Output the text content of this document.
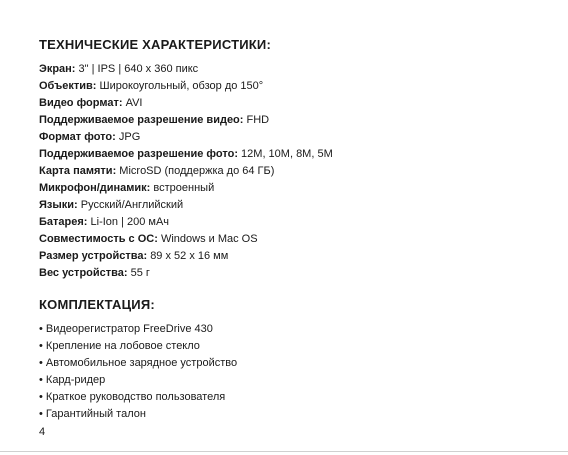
ТЕХНИЧЕСКИЕ ХАРАКТЕРИСТИКИ:
Экран: 3" | IPS | 640 x 360 пикс
Объектив: Широкоугольный, обзор до 150°
Видео формат: AVI
Поддерживаемое разрешение видео: FHD
Формат фото: JPG
Поддерживаемое разрешение фото: 12M, 10M, 8M, 5M
Карта памяти: MicroSD (поддержка до 64 ГБ)
Микрофон/динамик: встроенный
Языки: Русский/Английский
Батарея: Li-Ion | 200 мАч
Совместимость с ОС: Windows и Mac OS
Размер устройства: 89 x 52 x 16 мм
Вес устройства: 55 г
КОМПЛЕКТАЦИЯ:
• Видеорегистратор FreeDrive 430
• Крепление на лобовое стекло
• Автомобильное зарядное устройство
• Кард-ридер
• Краткое руководство пользователя
• Гарантийный талон
4
